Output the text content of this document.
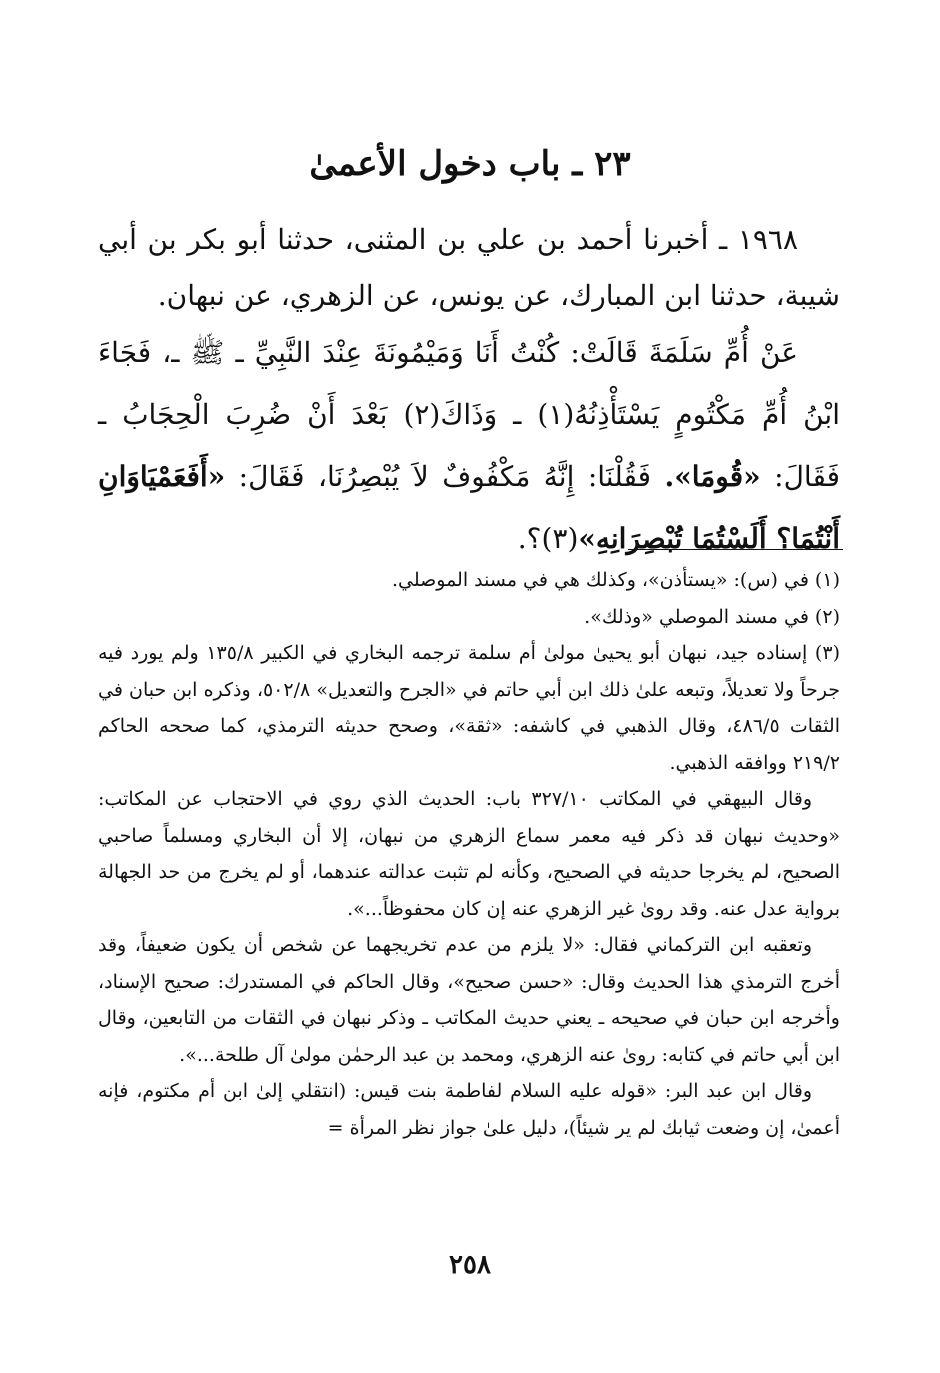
٢٣ ـ باب دخول الأعمىٰ

١٩٦٨ ـ أخبرنا أحمد بن علي بن المثنى، حدثنا أبو بكر بن أبي شيبة، حدثنا ابن المبارك، عن يونس، عن الزهري، عن نبهان.

عَنْ أُمِّ سَلَمَةَ قَالَتْ: كُنْتُ أَنَا وَمَيْمُونَةَ عِنْدَ النَّبِيِّ ـ ﷺ ـ، فَجَاءَ ابْنُ أُمِّ مَكْتُومٍ يَسْتَأْذِنُهُ(١) ـ وَذَاكَ(٢) بَعْدَ أَنْ ضُرِبَ الْحِجَابُ ـ فَقَالَ: «قُومَا». فَقُلْنَا: إِنَّهُ مَكْفُوفٌ لاَ يُبْصِرُنَا، فَقَالَ: «أَفَعَمْيَاوَانِ أَنْتُمَا؟ أَلَسْتُمَا تُبْصِرَانِهِ»(٣)؟.

(١) في (س): «يستأذن»، وكذلك هي في مسند الموصلي.

(٢) في مسند الموصلي «وذلك».

(٣) إسناده جيد، نبهان أبو يحيىٰ مولىٰ أم سلمة ترجمه البخاري في الكبير ١٣٥/٨ ولم يورد فيه جرحاً ولا تعديلاً، وتبعه علىٰ ذلك ابن أبي حاتم في «الجرح والتعديل» ٥٠٢/٨، وذكره ابن حبان في الثقات ٤٨٦/٥، وقال الذهبي في كاشفه: «ثقة»، وصحح حديثه الترمذي، كما صححه الحاكم ٢١٩/٢ ووافقه الذهبي.

وقال البيهقي في المكاتب ٣٢٧/١٠ باب: الحديث الذي روي في الاحتجاب عن المكاتب: «وحديث نبهان قد ذكر فيه معمر سماع الزهري من نبهان، إلا أن البخاري ومسلماً صاحبي الصحيح، لم يخرجا حديثه في الصحيح، وكأنه لم تثبت عدالته عندهما، أو لم يخرج من حد الجهالة برواية عدل عنه. وقد روىٰ غير الزهري عنه إن كان محفوظاً...».

وتعقبه ابن التركماني فقال: «لا يلزم من عدم تخريجهما عن شخص أن يكون ضعيفاً، وقد أخرج الترمذي هذا الحديث وقال: «حسن صحيح»، وقال الحاكم في المستدرك: صحيح الإسناد، وأخرجه ابن حبان في صحيحه ـ يعني حديث المكاتب ـ وذكر نبهان في الثقات من التابعين، وقال ابن أبي حاتم في كتابه: روىٰ عنه الزهري، ومحمد بن عبد الرحمٰن مولىٰ آل طلحة...».

وقال ابن عبد البر: «قوله عليه السلام لفاطمة بنت قيس: (انتقلي إلىٰ ابن أم مكتوم، فإنه أعمىٰ، إن وضعت ثيابك لم ير شيئاً)، دليل علىٰ جواز نظر المرأة =

٢٥٨
